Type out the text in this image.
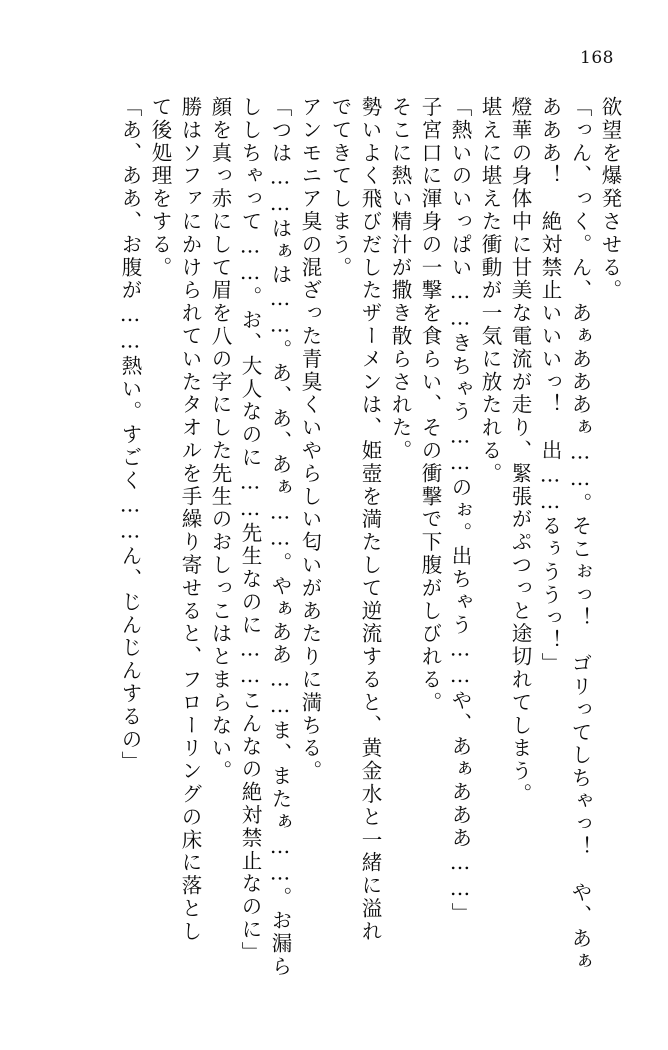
168
欲望を爆発させる。
「っん、っく。ん、あぁあああぁ……。そこぉっ！　ゴリってしちゃっ！　や、あぁ
あああ！　絶対禁止いいいっ！　出……るぅううっ！」
燈華の身体中に甘美な電流が走り、緊張がぷつっと途切れてしまう。
堪えに堪えた衝動が一気に放たれる。
「熱いのいっぱい……きちゃう……のぉ。出ちゃう……や、あぁあああ……」
子宮口に渾身の一撃を食らい、その衝撃で下腹がしびれる。
そこに熱い精汁が撒き散らされた。
勢いよく飛びだしたザーメンは、姫壺を満たして逆流すると、黄金水と一緒に溢れ
でてきてしまう。
アンモニア臭の混ざった青臭くいやらしい匂いがあたりに満ちる。
「つは……はぁは……。あ、あ、あぁ……。やぁああ……ま、またぁ……。お漏ら
ししちゃって……。お、大人なのに……先生なのに……こんなの絶対禁止なのに」
顔を真っ赤にして眉を八の字にした先生のおしっこはとまらない。
勝はソファにかけられていたタオルを手繰り寄せると、フローリングの床に落とし
て後処理をする。
「あ、ああ、お腹が……熱い。すごく……ん、じんじんするの」
